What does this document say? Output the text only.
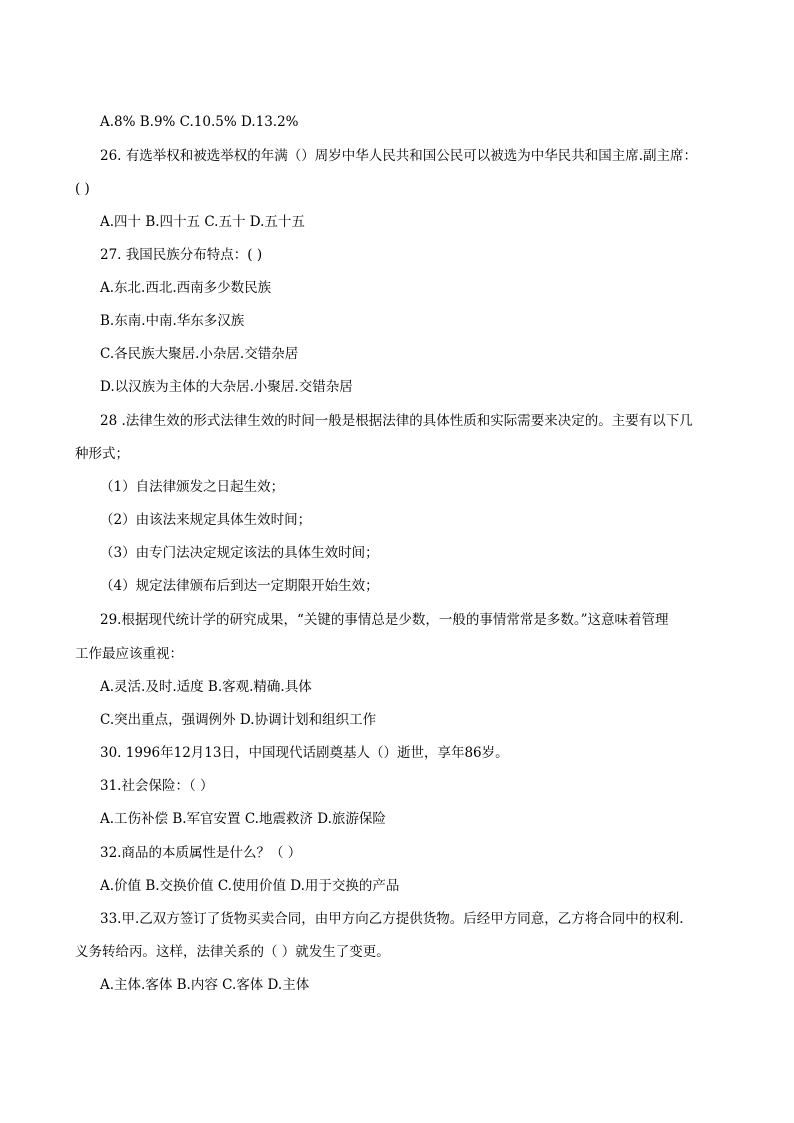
A.8% B.9% C.10.5% D.13.2%
26. 有选举权和被选举权的年满（）周岁中华人民共和国公民可以被选为中华民共和国主席.副主席：
( )
A.四十 B.四十五 C.五十 D.五十五
27. 我国民族分布特点：( )
A.东北.西北.西南多少数民族
B.东南.中南.华东多汉族
C.各民族大聚居.小杂居.交错杂居
D.以汉族为主体的大杂居.小聚居.交错杂居
28 .法律生效的形式法律生效的时间一般是根据法律的具体性质和实际需要来决定的。主要有以下几
种形式；
（1）自法律颁发之日起生效；
（2）由该法来规定具体生效时间；
（3）由专门法决定规定该法的具体生效时间；
（4）规定法律颁布后到达一定期限开始生效；
29.根据现代统计学的研究成果，“关键的事情总是少数，一般的事情常常是多数。”这意味着管理
工作最应该重视：
A.灵活.及时.适度 B.客观.精确.具体
C.突出重点，强调例外 D.协调计划和组织工作
30. 1996年12月13日，中国现代话剧奠基人（）逝世，享年86岁。
31.社会保险：（ ）
A.工伤补偿 B.军官安置 C.地震救济 D.旅游保险
32.商品的本质属性是什么？（ ）
A.价值 B.交换价值 C.使用价值 D.用于交换的产品
33.甲.乙双方签订了货物买卖合同，由甲方向乙方提供货物。后经甲方同意，乙方将合同中的权利.
义务转给丙。这样，法律关系的（ ）就发生了变更。
A.主体.客体 B.内容 C.客体 D.主体
